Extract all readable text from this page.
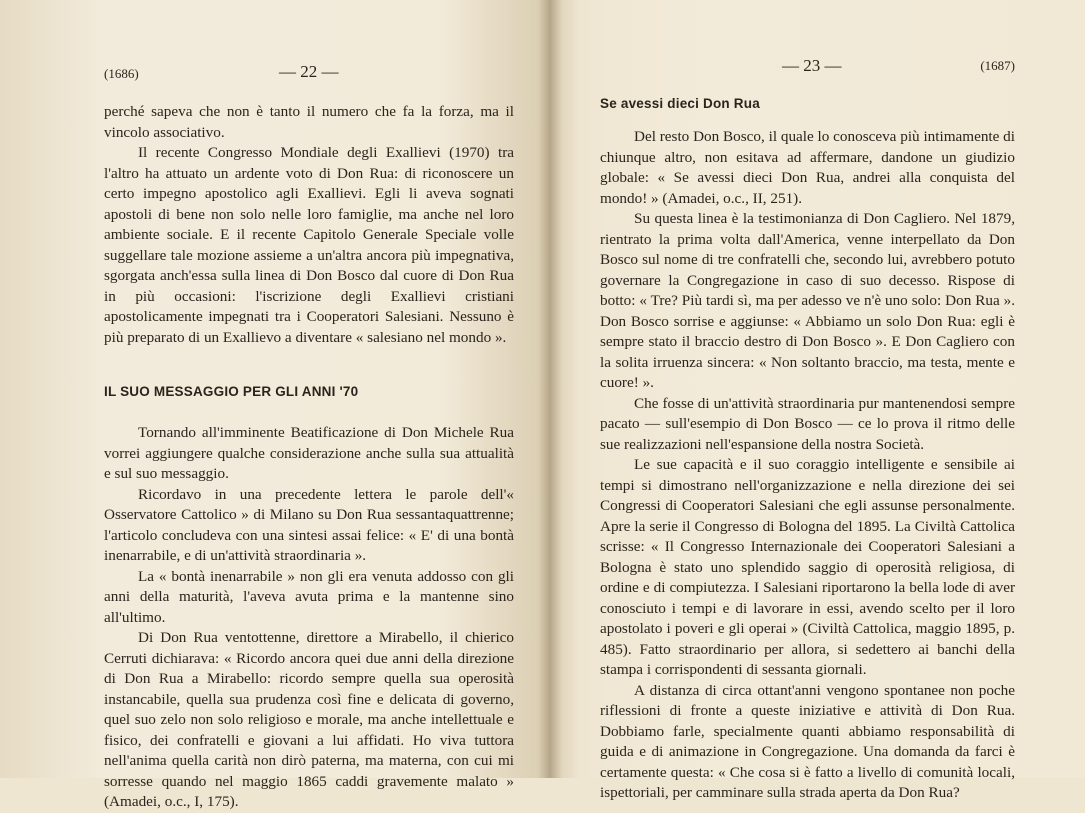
(1686)	— 22 —

perché sapeva che non è tanto il numero che fa la forza, ma il vincolo associativo.

Il recente Congresso Mondiale degli Exallievi (1970) tra l'altro ha attuato un ardente voto di Don Rua: di riconoscere un certo impegno apostolico agli Exallievi. Egli li aveva sognati apostoli di bene non solo nelle loro famiglie, ma anche nel loro ambiente sociale. E il recente Capitolo Generale Speciale volle suggellare tale mozione assieme a un'altra ancora più impegnativa, sgorgata anch'essa sulla linea di Don Bosco dal cuore di Don Rua in più occasioni: l'iscrizione degli Exallievi cristiani apostolicamente impegnati tra i Cooperatori Salesiani. Nessuno è più preparato di un Exallievo a diventare « salesiano nel mondo ».

IL SUO MESSAGGIO PER GLI ANNI '70

Tornando all'imminente Beatificazione di Don Michele Rua vorrei aggiungere qualche considerazione anche sulla sua attualità e sul suo messaggio.

Ricordavo in una precedente lettera le parole dell'« Osservatore Cattolico » di Milano su Don Rua sessantaquattrenne; l'articolo concludeva con una sintesi assai felice: « E' di una bontà inenarrabile, e di un'attività straordinaria ».

La « bontà inenarrabile » non gli era venuta addosso con gli anni della maturità, l'aveva avuta prima e la mantenne sino all'ultimo.

Di Don Rua ventottenne, direttore a Mirabello, il chierico Cerruti dichiarava: « Ricordo ancora quei due anni della direzione di Don Rua a Mirabello: ricordo sempre quella sua operosità instancabile, quella sua prudenza così fine e delicata di governo, quel suo zelo non solo religioso e morale, ma anche intellettuale e fisico, dei confratelli e giovani a lui affidati. Ho viva tuttora nell'anima quella carità non dirò paterna, ma materna, con cui mi sorresse quando nel maggio 1865 caddi gravemente malato » (Amadei, o.c., I, 175).

— 23 —	(1687)
Se avessi dieci Don Rua

Del resto Don Bosco, il quale lo conosceva più intimamente di chiunque altro, non esitava ad affermare, dandone un giudizio globale: « Se avessi dieci Don Rua, andrei alla conquista del mondo! » (Amadei, o.c., II, 251).

Su questa linea è la testimonianza di Don Cagliero. Nel 1879, rientrato la prima volta dall'America, venne interpellato da Don Bosco sul nome di tre confratelli che, secondo lui, avrebbero potuto governare la Congregazione in caso di suo decesso. Rispose di botto: « Tre? Più tardi sì, ma per adesso ve n'è uno solo: Don Rua ». Don Bosco sorrise e aggiunse: « Abbiamo un solo Don Rua: egli è sempre stato il braccio destro di Don Bosco ». E Don Cagliero con la solita irruenza sincera: « Non soltanto braccio, ma testa, mente e cuore! ».

Che fosse di un'attività straordinaria pur mantenendosi sempre pacato — sull'esempio di Don Bosco — ce lo prova il ritmo delle sue realizzazioni nell'espansione della nostra Società.

Le sue capacità e il suo coraggio intelligente e sensibile ai tempi si dimostrano nell'organizzazione e nella direzione dei sei Congressi di Cooperatori Salesiani che egli assunse personalmente. Apre la serie il Congresso di Bologna del 1895. La Civiltà Cattolica scrisse: « Il Congresso Internazionale dei Cooperatori Salesiani a Bologna è stato uno splendido saggio di operosità religiosa, di ordine e di compiutezza. I Salesiani riportarono la bella lode di aver conosciuto i tempi e di lavorare in essi, avendo scelto per il loro apostolato i poveri e gli operai » (Civiltà Cattolica, maggio 1895, p. 485). Fatto straordinario per allora, si sedettero ai banchi della stampa i corrispondenti di sessanta giornali.

A distanza di circa ottant'anni vengono spontanee non poche riflessioni di fronte a queste iniziative e attività di Don Rua. Dobbiamo farle, specialmente quanti abbiamo responsabilità di guida e di animazione in Congregazione. Una domanda da farci è certamente questa: « Che cosa si è fatto a livello di comunità locali, ispettoriali, per camminare sulla strada aperta da Don Rua?
